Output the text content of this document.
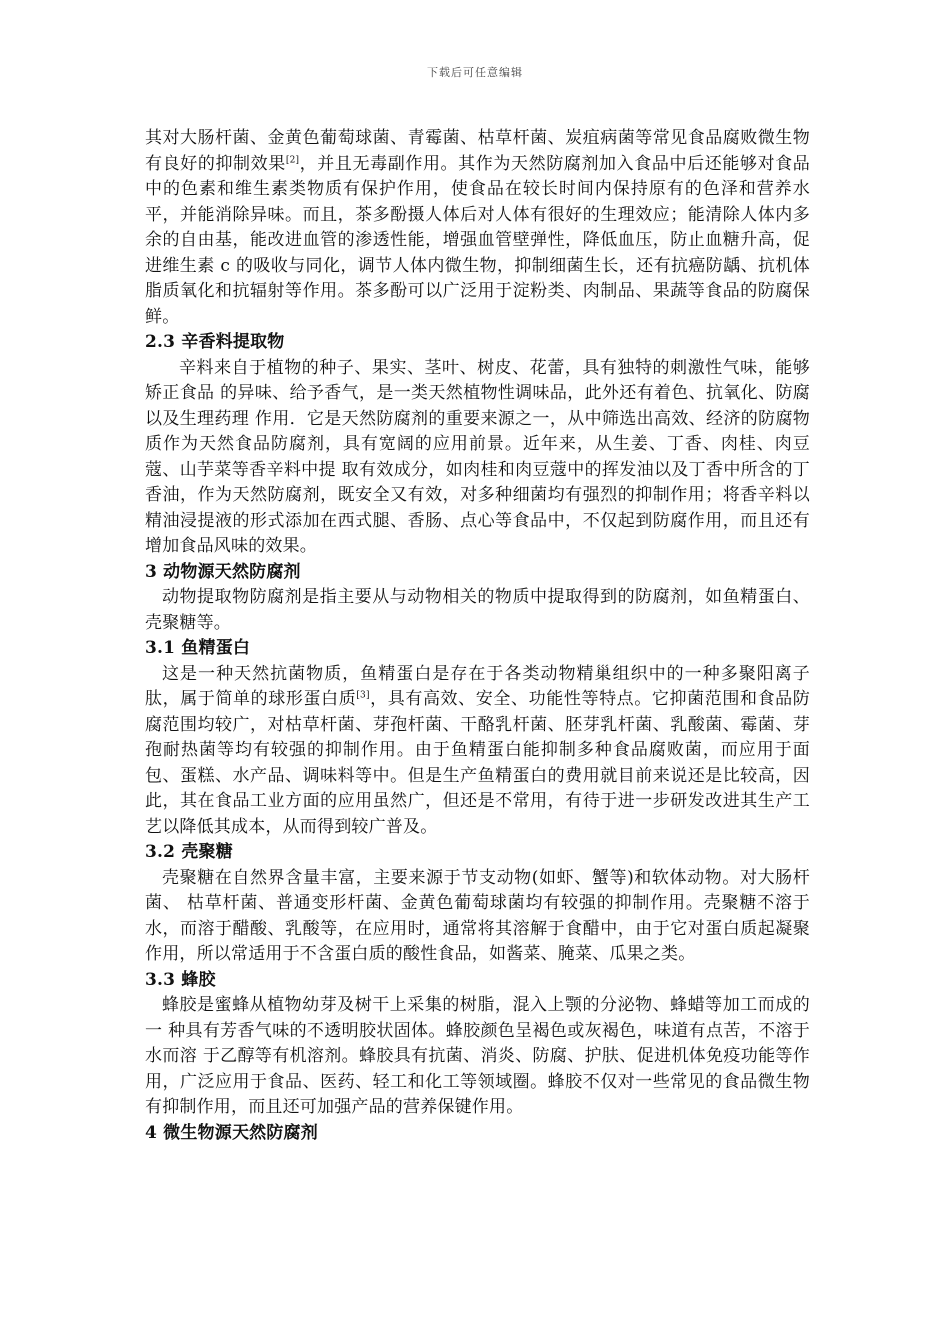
下载后可任意编辑

其对大肠杆菌、金黄色葡萄球菌、青霉菌、枯草杆菌、炭疽病菌等常见食品腐败微生物有良好的抑制效果[2]，并且无毒副作用。其作为天然防腐剂加入食品中后还能够对食品中的色素和维生素类物质有保护作用，使食品在较长时间内保持原有的色泽和营养水平，并能消除异味。而且，茶多酚摄人体后对人体有很好的生理效应；能清除人体内多余的自由基，能改进血管的渗透性能，增强血管壁弹性，降低血压，防止血糖升高，促进维生素 c 的吸收与同化，调节人体内微生物，抑制细菌生长，还有抗癌防龋、抗机体脂质氧化和抗辐射等作用。茶多酚可以广泛用于淀粉类、肉制品、果蔬等食品的防腐保鲜。

2.3 辛香料提取物

辛料来自于植物的种子、果实、茎叶、树皮、花蕾，具有独特的刺激性气味，能够矫正食品 的异味、给予香气，是一类天然植物性调味品，此外还有着色、抗氧化、防腐以及生理药理 作用．它是天然防腐剂的重要来源之一，从中筛选出高效、经济的防腐物质作为天然食品防腐剂，具有宽阔的应用前景。近年来，从生姜、丁香、肉桂、肉豆蔻、山芋菜等香辛料中提 取有效成分，如肉桂和肉豆蔻中的挥发油以及丁香中所含的丁香油，作为天然防腐剂，既安全又有效，对多种细菌均有强烈的抑制作用；将香辛料以精油浸提液的形式添加在西式腿、香肠、点心等食品中，不仅起到防腐作用，而且还有增加食品风味的效果。

3 动物源天然防腐剂

动物提取物防腐剂是指主要从与动物相关的物质中提取得到的防腐剂，如鱼精蛋白、壳聚糖等。

3.1 鱼精蛋白

这是一种天然抗菌物质，鱼精蛋白是存在于各类动物精巢组织中的一种多聚阳离子肽，属于简单的球形蛋白质[3]，具有高效、安全、功能性等特点。它抑菌范围和食品防腐范围均较广，对枯草杆菌、芽孢杆菌、干酪乳杆菌、胚芽乳杆菌、乳酸菌、霉菌、芽孢耐热菌等均有较强的抑制作用。由于鱼精蛋白能抑制多种食品腐败菌，而应用于面包、蛋糕、水产品、调味料等中。但是生产鱼精蛋白的费用就目前来说还是比较高，因此，其在食品工业方面的应用虽然广，但还是不常用，有待于进一步研发改进其生产工艺以降低其成本，从而得到较广普及。

3.2 壳聚糖

壳聚糖在自然界含量丰富，主要来源于节支动物(如虾、蟹等)和软体动物。对大肠杆菌、 枯草杆菌、普通变形杆菌、金黄色葡萄球菌均有较强的抑制作用。壳聚糖不溶于水，而溶于醋酸、乳酸等，在应用时，通常将其溶解于食醋中，由于它对蛋白质起凝聚作用，所以常适用于不含蛋白质的酸性食品，如酱菜、腌菜、瓜果之类。

3.3 蜂胶

蜂胶是蜜蜂从植物幼芽及树干上采集的树脂，混入上颚的分泌物、蜂蜡等加工而成的一 种具有芳香气味的不透明胶状固体。蜂胶颜色呈褐色或灰褐色，味道有点苦，不溶于水而溶 于乙醇等有机溶剂。蜂胶具有抗菌、消炎、防腐、护肤、促进机体免疫功能等作用，广泛应用于食品、医药、轻工和化工等领域圈。蜂胶不仅对一些常见的食品微生物有抑制作用，而且还可加强产品的营养保键作用。

4 微生物源天然防腐剂
